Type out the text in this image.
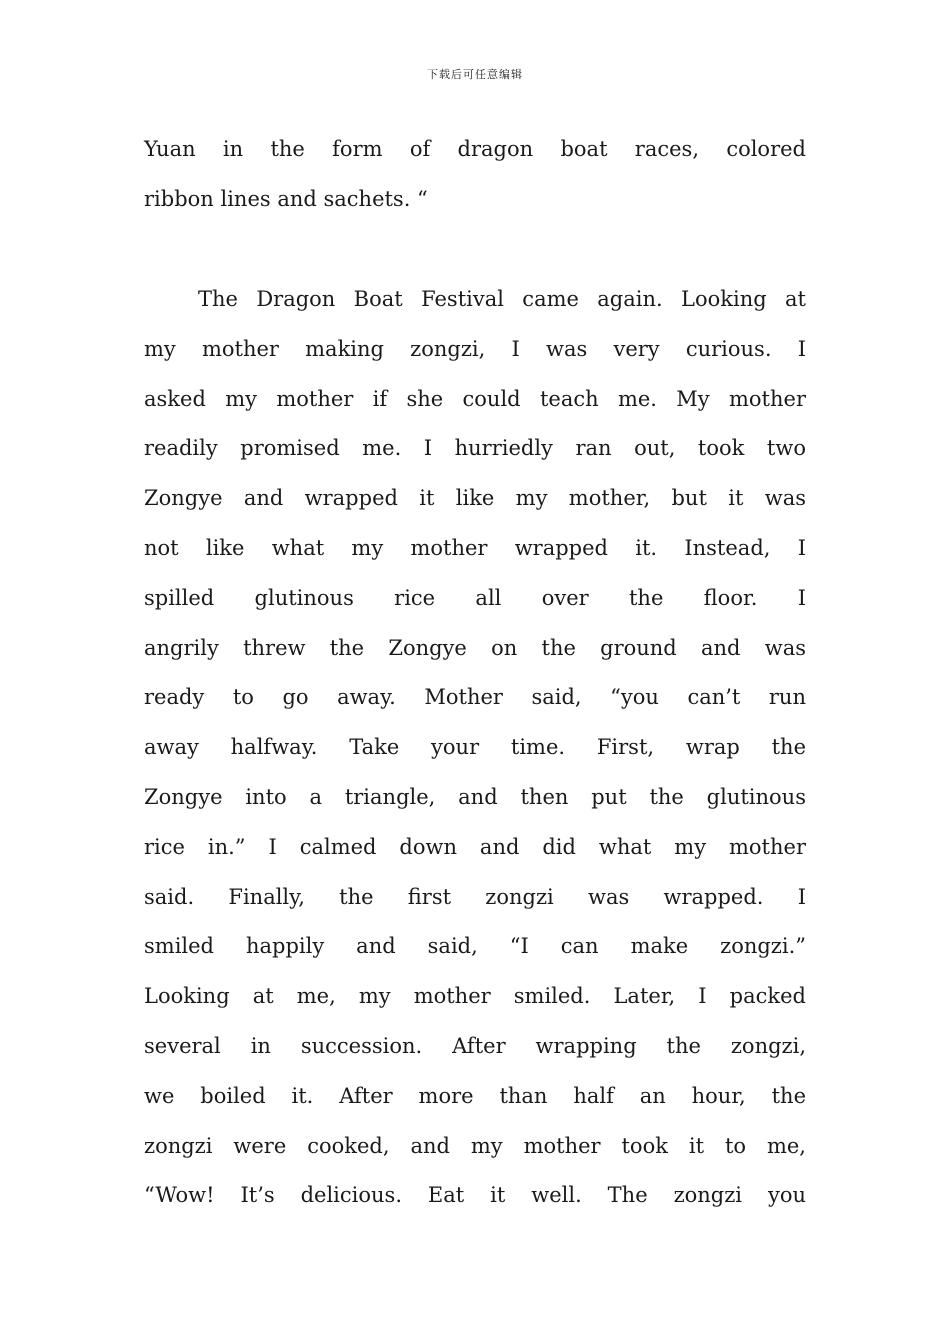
下载后可任意编辑
Yuan in the form of dragon boat races, colored
ribbon lines and sachets. “
The Dragon Boat Festival came again. Looking at
my mother making zongzi, I was very curious. I
asked my mother if she could teach me. My mother
readily promised me. I hurriedly ran out, took two
Zongye and wrapped it like my mother, but it was
not like what my mother wrapped it. Instead, I
spilled glutinous rice all over the floor. I
angrily threw the Zongye on the ground and was
ready to go away. Mother said, “you can’t run
away halfway. Take your time. First, wrap the
Zongye into a triangle, and then put the glutinous
rice in.” I calmed down and did what my mother
said. Finally, the first zongzi was wrapped. I
smiled happily and said, “I can make zongzi.”
Looking at me, my mother smiled. Later, I packed
several in succession. After wrapping the zongzi,
we boiled it. After more than half an hour, the
zongzi were cooked, and my mother took it to me,
“Wow! It’s delicious. Eat it well. The zongzi you
